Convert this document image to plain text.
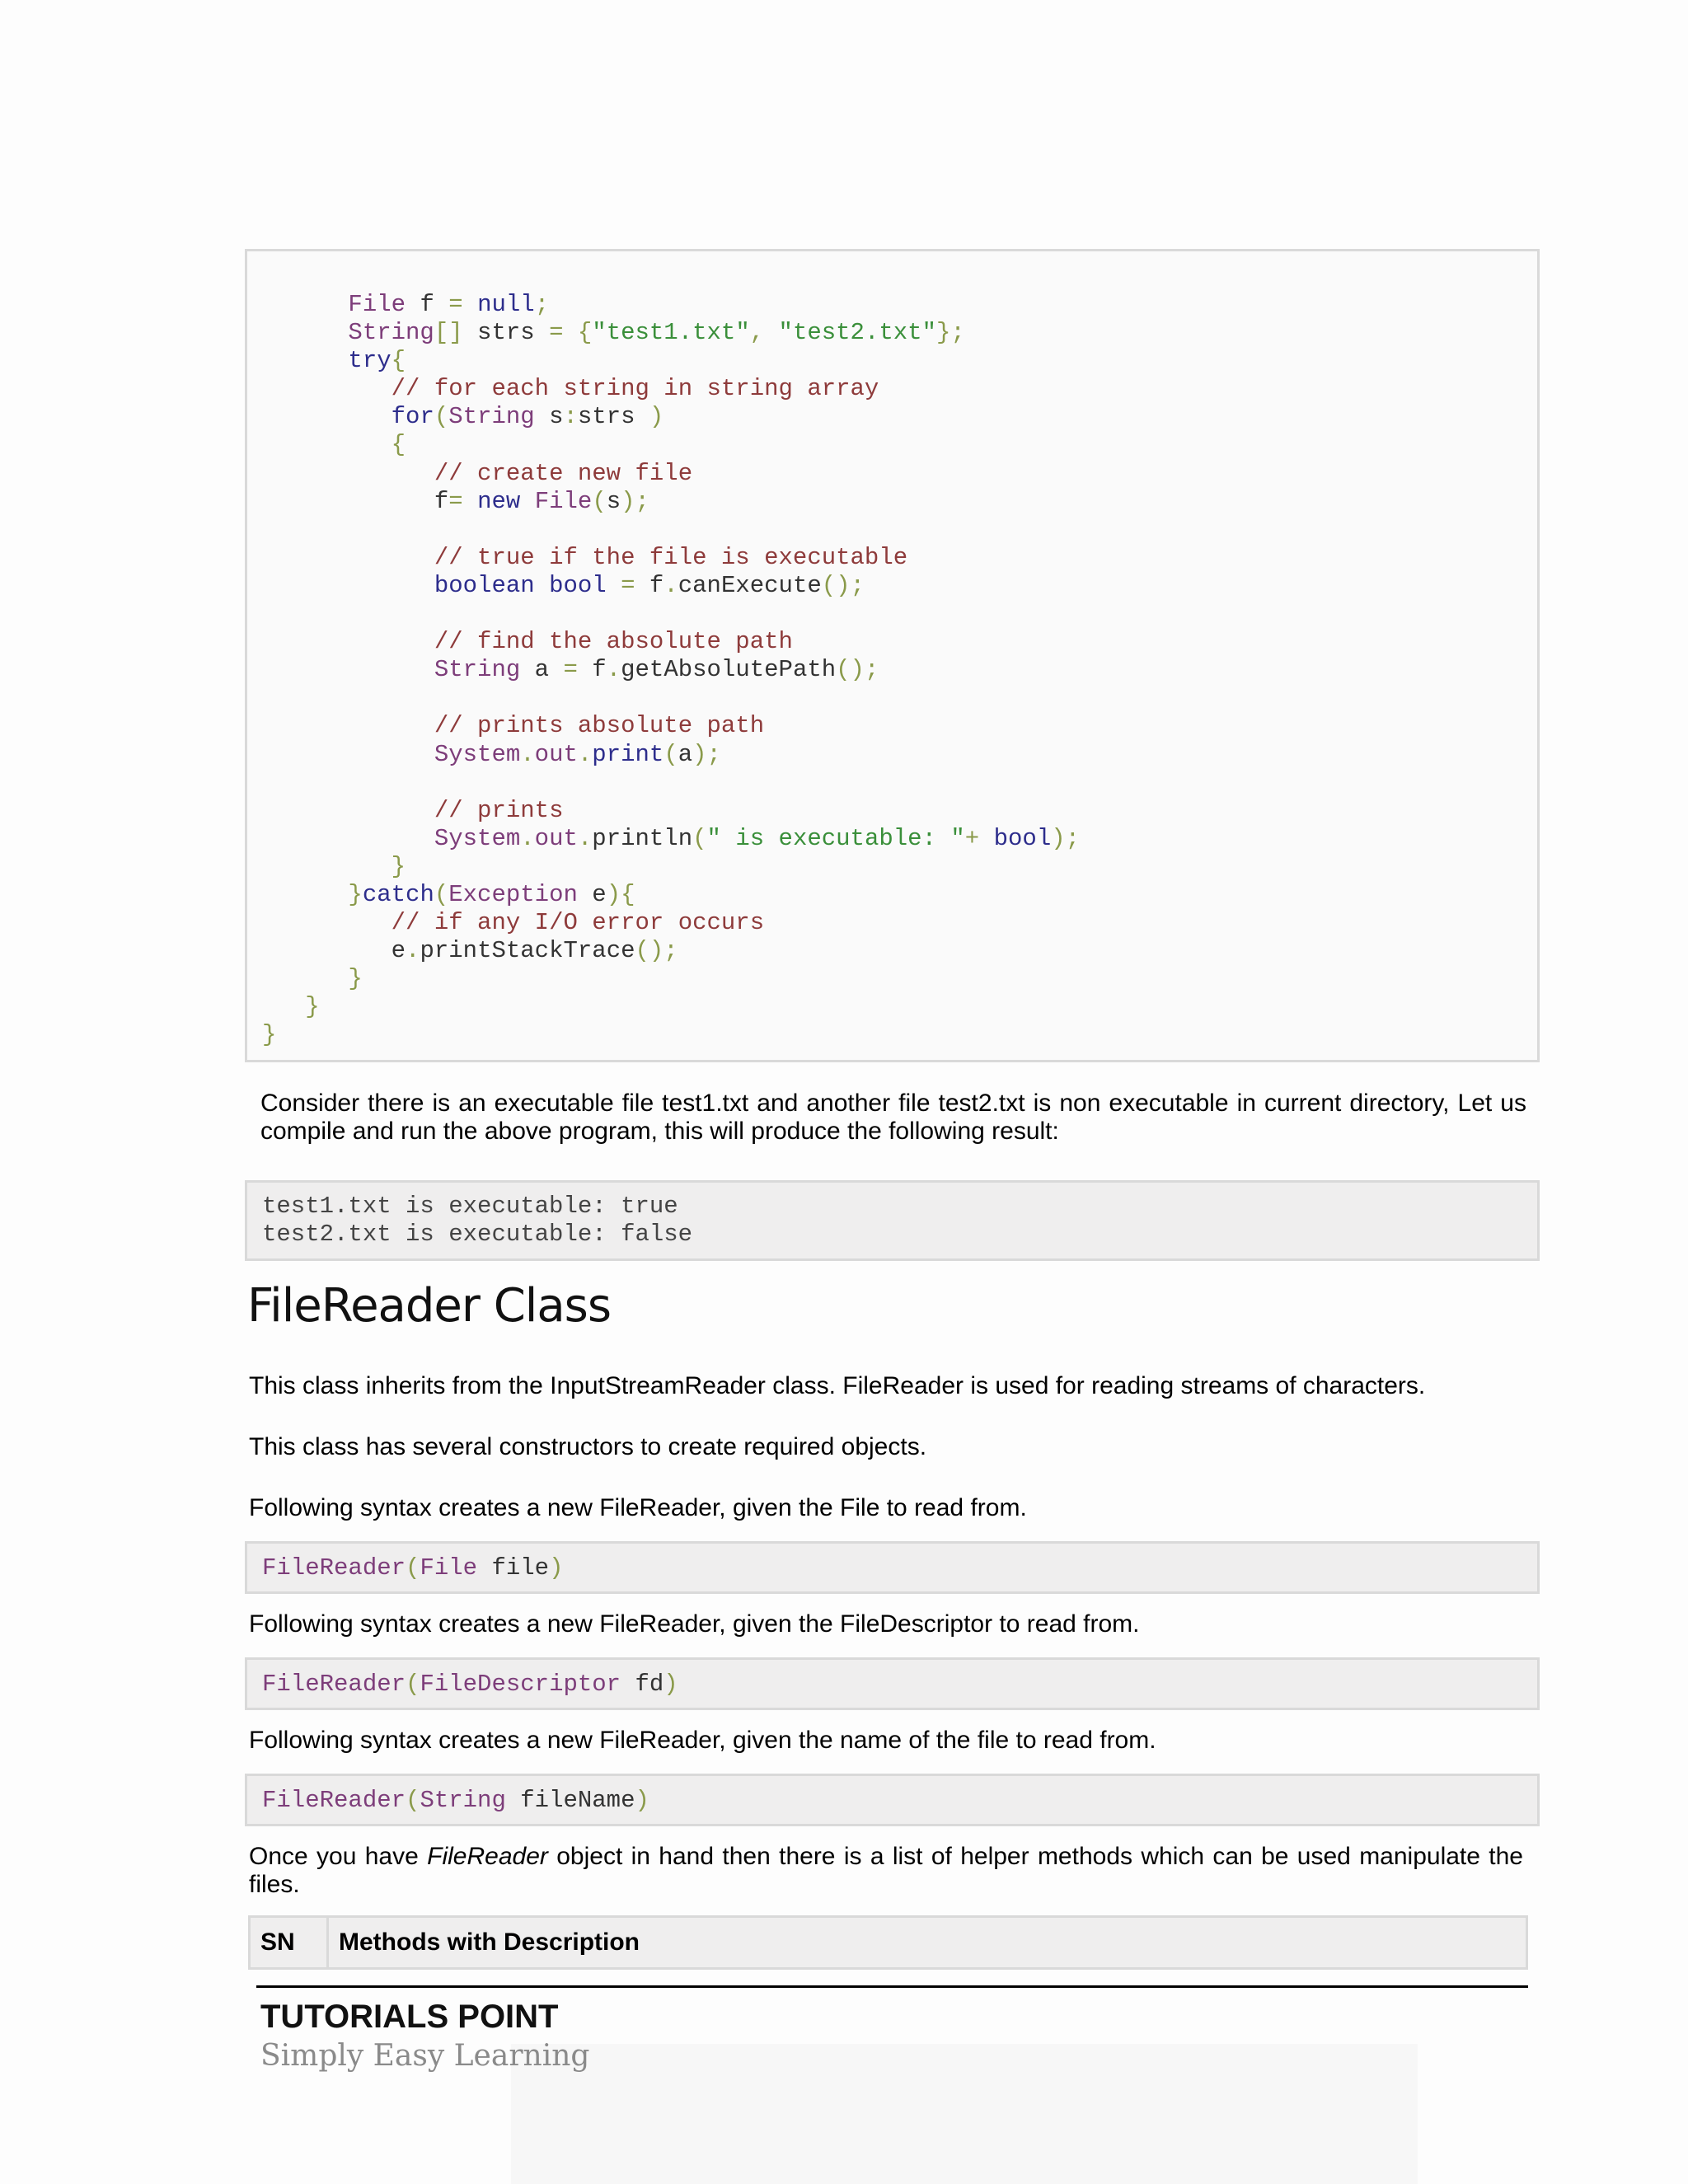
File f = null;
String[] strs = {"test1.txt", "test2.txt"};
try{
// for each string in string array
for(String s:strs )
{
// create new file
f= new File(s);
// true if the file is executable
boolean bool = f.canExecute();
// find the absolute path
String a = f.getAbsolutePath();
// prints absolute path
System.out.print(a);
// prints
System.out.println(" is executable: "+ bool);
}
}catch(Exception e){
// if any I/O error occurs
e.printStackTrace();
}
}
}

Consider there is an executable file test1.txt and another file test2.txt is non executable in current directory, Let us compile and run the above program, this will produce the following result:

test1.txt is executable: true
test2.txt is executable: false
FileReader Class

This class inherits from the InputStreamReader class. FileReader is used for reading streams of characters.

This class has several constructors to create required objects.

Following syntax creates a new FileReader, given the File to read from.

FileReader(File file)

Following syntax creates a new FileReader, given the FileDescriptor to read from.

FileReader(FileDescriptor fd)

Following syntax creates a new FileReader, given the name of the file to read from.

FileReader(String fileName)

Once you have FileReader object in hand then there is a list of helper methods which can be used manipulate the files.

SN	Methods with Description
TUTORIALS POINT
Simply Easy Learning
